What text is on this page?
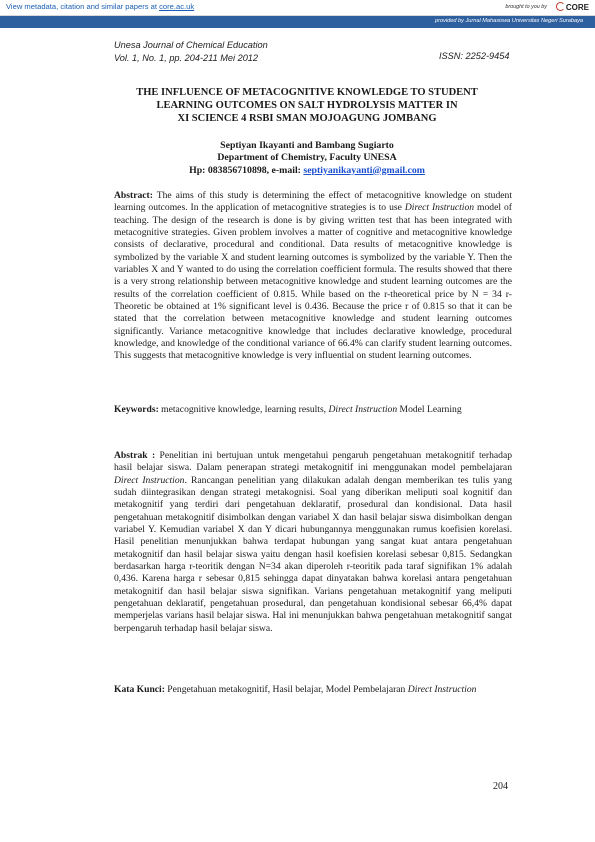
View metadata, citation and similar papers at core.ac.uk	brought to you by	CORE
provided by Jurnal Mahasiswa Universitas Negeri Surabaya
Unesa Journal of Chemical Education
Vol. 1, No. 1, pp. 204-211 Mei 2012	ISSN: 2252-9454
THE INFLUENCE OF METACOGNITIVE KNOWLEDGE TO STUDENT
LEARNING OUTCOMES ON SALT HYDROLYSIS MATTER IN
XI SCIENCE 4 RSBI SMAN MOJOAGUNG JOMBANG
Septiyan Ikayanti and Bambang Sugiarto
Department of Chemistry, Faculty UNESA
Hp: 083856710898, e-mail: septiyanikayanti@gmail.com
Abstract: The aims of this study is determining the effect of metacognitive knowledge on student learning outcomes. In the application of metacognitive strategies is to use Direct Instruction model of teaching. The design of the research is done is by giving written test that has been integrated with metacognitive strategies. Given problem involves a matter of cognitive and metacognitive knowledge consists of declarative, procedural and conditional. Data results of metacognitive knowledge is symbolized by the variable X and student learning outcomes is symbolized by the variable Y. Then the variables X and Y wanted to do using the correlation coefficient formula. The results showed that there is a very strong relationship between metacognitive knowledge and student learning outcomes are the results of the correlation coefficient of 0.815. While based on the r-theoretical price by N = 34 r-Theoretic be obtained at 1% significant level is 0.436. Because the price r of 0.815 so that it can be stated that the correlation between metacognitive knowledge and student learning outcomes significantly. Variance metacognitive knowledge that includes declarative knowledge, procedural knowledge, and knowledge of the conditional variance of 66.4% can clarify student learning outcomes. This suggests that metacognitive knowledge is very influential on student learning outcomes.
Keywords: metacognitive knowledge, learning results, Direct Instruction Model Learning
Abstrak : Penelitian ini bertujuan untuk mengetahui pengaruh pengetahuan metakognitif terhadap hasil belajar siswa. Dalam penerapan strategi metakognitif ini menggunakan model pembelajaran Direct Instruction. Rancangan penelitian yang dilakukan adalah dengan memberikan tes tulis yang sudah diintegrasikan dengan strategi metakognisi. Soal yang diberikan meliputi soal kognitif dan metakognitif yang terdiri dari pengetahuan deklaratif, prosedural dan kondisional. Data hasil pengetahuan metakognitif disimbolkan dengan variabel X dan hasil belajar siswa disimbolkan dengan variabel Y. Kemudian variabel X dan Y dicari hubungannya menggunakan rumus koefisien korelasi. Hasil penelitian menunjukkan bahwa terdapat hubungan yang sangat kuat antara pengetahuan metakognitif dan hasil belajar siswa yaitu dengan hasil koefisien korelasi sebesar 0,815. Sedangkan berdasarkan harga r-teoritik dengan N=34 akan diperoleh r-teoritik pada taraf signifikan 1% adalah 0,436. Karena harga r sebesar 0,815 sehingga dapat dinyatakan bahwa korelasi antara pengetahuan metakognitif dan hasil belajar siswa signifikan. Varians pengetahuan metakognitif yang meliputi pengetahuan deklaratif, pengetahuan prosedural, dan pengetahuan kondisional sebesar 66,4% dapat memperjelas varians hasil belajar siswa. Hal ini menunjukkan bahwa pengetahuan metakognitif sangat berpengaruh terhadap hasil belajar siswa.
Kata Kunci: Pengetahuan metakognitif, Hasil belajar, Model Pembelajaran Direct Instruction
204
